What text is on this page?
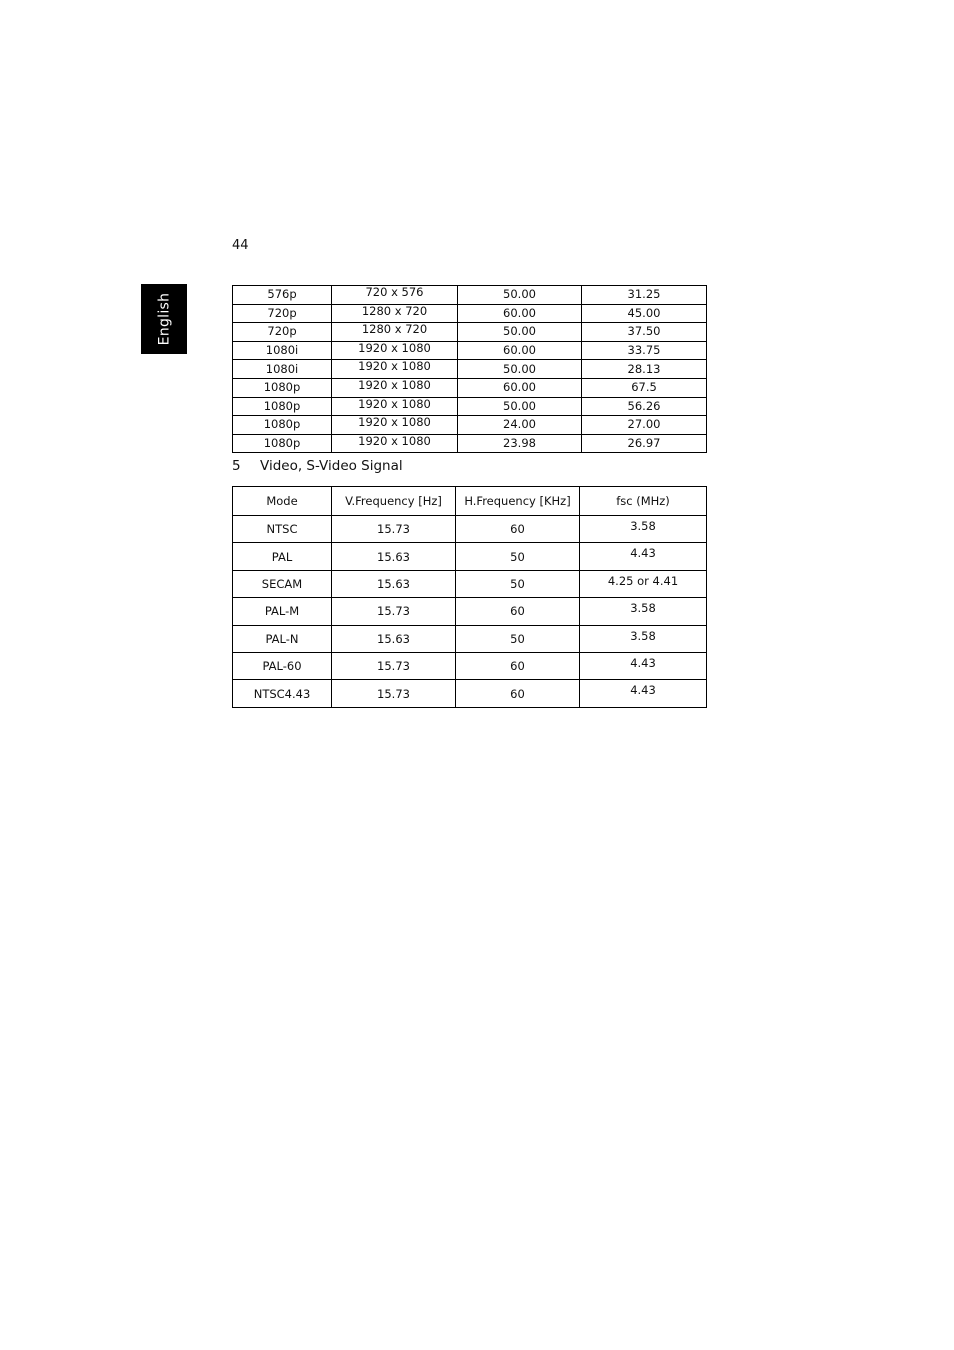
44
English	576p	720 x 576	50.00	31.25
720p	1280 x 720	60.00	45.00
720p	1280 x 720	50.00	37.50
1080i	1920 x 1080	60.00	33.75
1080i	1920 x 1080	50.00	28.13
1080p	1920 x 1080	60.00	67.5
1080p	1920 x 1080	50.00	56.26
1080p	1920 x 1080	24.00	27.00
1080p	1920 x 1080	23.98	26.97
5 Video, S-Video Signal
Mode	V.Frequency [Hz]	H.Frequency [KHz]	fsc (MHz)
NTSC	15.73	60	3.58
PAL	15.63	50	4.43
SECAM	15.63	50	4.25 or 4.41
PAL-M	15.73	60	3.58
PAL-N	15.63	50	3.58
PAL-60	15.73	60	4.43
NTSC4.43	15.73	60	4.43
